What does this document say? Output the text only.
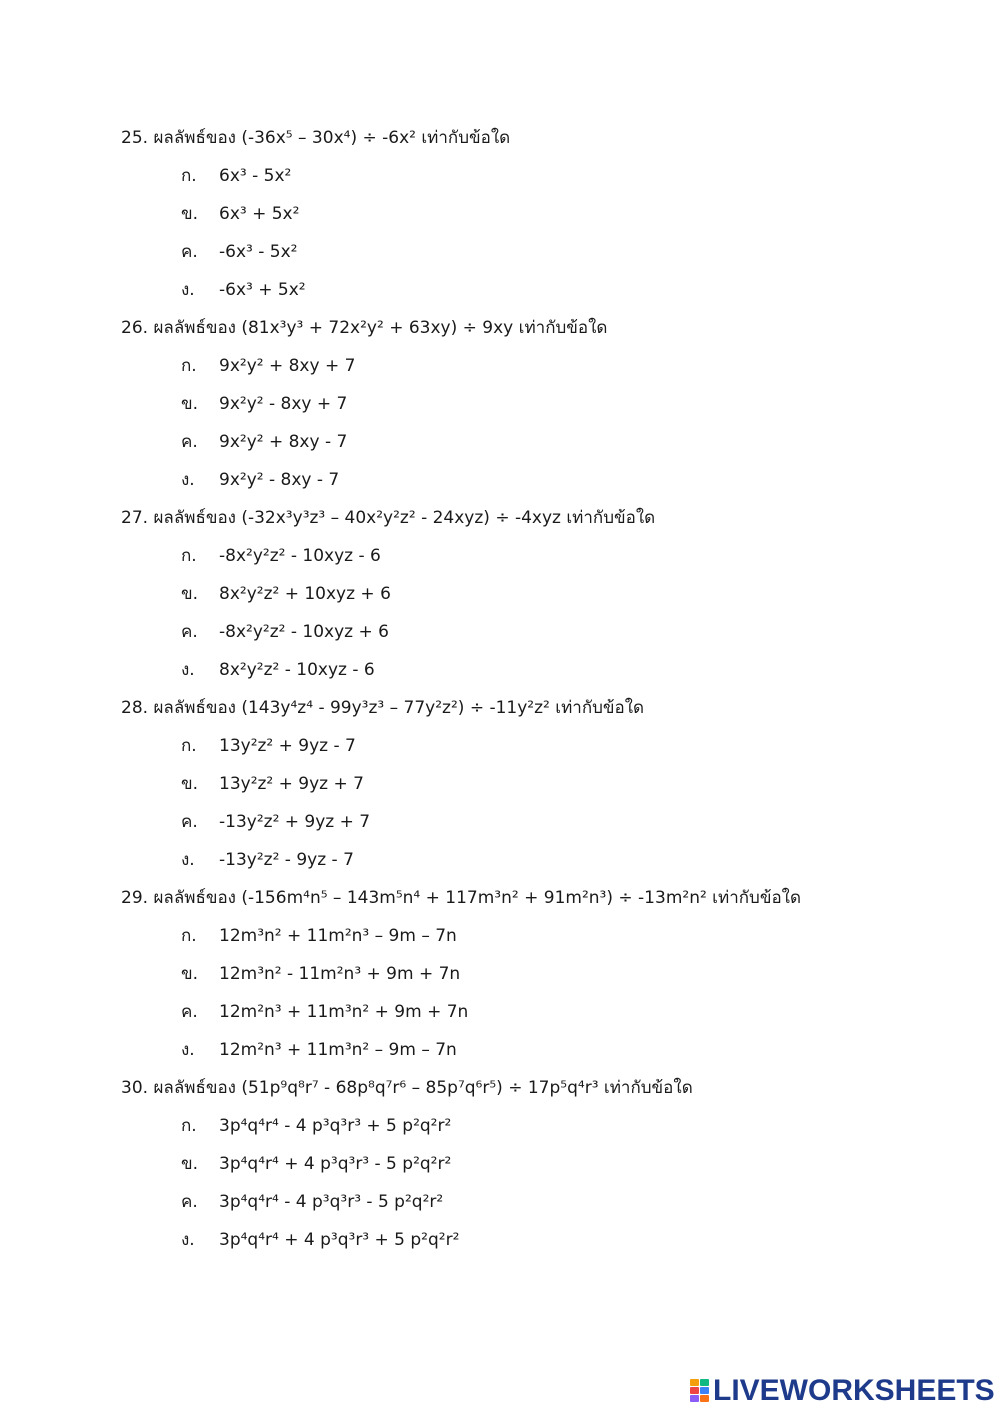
25. ผลลัพธ์ของ (-36x⁵ – 30x⁴) ÷ -6x² เท่ากับข้อใด
ก. 6x³ - 5x²
ข. 6x³ + 5x²
ค. -6x³ - 5x²
ง. -6x³ + 5x²
26. ผลลัพธ์ของ (81x³y³ + 72x²y² + 63xy) ÷ 9xy เท่ากับข้อใด
ก. 9x²y² + 8xy + 7
ข. 9x²y² - 8xy + 7
ค. 9x²y² + 8xy - 7
ง. 9x²y² - 8xy - 7
27. ผลลัพธ์ของ (-32x³y³z³ – 40x²y²z² - 24xyz) ÷ -4xyz เท่ากับข้อใด
ก. -8x²y²z² - 10xyz - 6
ข. 8x²y²z² + 10xyz + 6
ค. -8x²y²z² - 10xyz + 6
ง. 8x²y²z² - 10xyz - 6
28. ผลลัพธ์ของ (143y⁴z⁴ - 99y³z³ – 77y²z²) ÷ -11y²z² เท่ากับข้อใด
ก. 13y²z² + 9yz - 7
ข. 13y²z² + 9yz + 7
ค. -13y²z² + 9yz + 7
ง. -13y²z² - 9yz - 7
29. ผลลัพธ์ของ (-156m⁴n⁵ – 143m⁵n⁴ + 117m³n² + 91m²n³) ÷ -13m²n² เท่ากับข้อใด
ก. 12m³n² + 11m²n³ – 9m – 7n
ข. 12m³n² - 11m²n³ + 9m + 7n
ค. 12m²n³ + 11m³n² + 9m + 7n
ง. 12m²n³ + 11m³n² – 9m – 7n
30. ผลลัพธ์ของ (51p⁹q⁸r⁷ - 68p⁸q⁷r⁶ – 85p⁷q⁶r⁵) ÷ 17p⁵q⁴r³ เท่ากับข้อใด
ก. 3p⁴q⁴r⁴ - 4 p³q³r³ + 5 p²q²r²
ข. 3p⁴q⁴r⁴ + 4 p³q³r³ - 5 p²q²r²
ค. 3p⁴q⁴r⁴ - 4 p³q³r³ - 5 p²q²r²
ง. 3p⁴q⁴r⁴ + 4 p³q³r³ + 5 p²q²r²
LIVEWORKSHEETS
